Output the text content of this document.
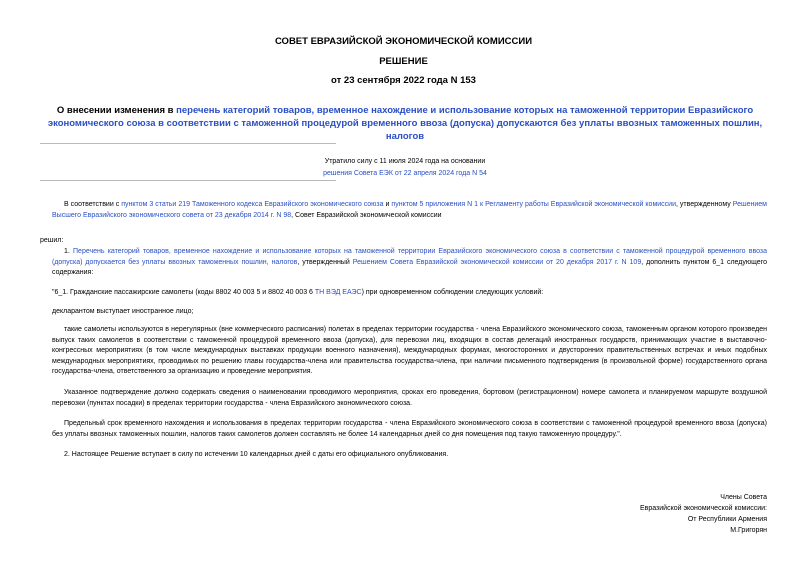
СОВЕТ ЕВРАЗИЙСКОЙ ЭКОНОМИЧЕСКОЙ КОМИССИИ
РЕШЕНИЕ
от 23 сентября 2022 года N 153
О внесении изменения в перечень категорий товаров, временное нахождение и использование которых на таможенной территории Евразийского экономического союза в соответствии с таможенной процедурой временного ввоза (допуска) допускаются без уплаты ввозных таможенных пошлин, налогов
Утратило силу с 11 июля 2024 года на основании
решения Совета ЕЭК от 22 апреля 2024 года N 54
В соответствии с пунктом 3 статьи 219 Таможенного кодекса Евразийского экономического союза и пунктом 5 приложения N 1 к Регламенту работы Евразийской экономической комиссии, утвержденному Решением Высшего Евразийского экономического совета от 23 декабря 2014 г. N 98, Совет Евразийской экономической комиссии
решил:
1. Перечень категорий товаров, временное нахождение и использование которых на таможенной территории Евразийского экономического союза в соответствии с таможенной процедурой временного ввоза (допуска) допускается без уплаты ввозных таможенных пошлин, налогов, утвержденный Решением Совета Евразийской экономической комиссии от 20 декабря 2017 г. N 109, дополнить пунктом 6_1 следующего содержания:
"6_1. Гражданские пассажирские самолеты (коды 8802 40 003 5 и 8802 40 003 6 ТН ВЭД ЕАЭС) при одновременном соблюдении следующих условий:
декларантом выступает иностранное лицо;
такие самолеты используются в нерегулярных (вне коммерческого расписания) полетах в пределах территории государства - члена Евразийского экономического союза, таможенным органом которого произведен выпуск таких самолетов в соответствии с таможенной процедурой временного ввоза (допуска), для перевозки лиц, входящих в состав делегаций иностранных государств, принимающих участие в выставочно-конгрессных мероприятиях (в том числе международных выставках продукции военного назначения), международных форумах, многосторонних и двусторонних правительственных встречах и иных подобных международных мероприятиях, проводимых по решению главы государства-члена или правительства государства-члена, при наличии письменного подтверждения (в произвольной форме) государственного органа государства-члена, ответственного за организацию и проведение мероприятия.
Указанное подтверждение должно содержать сведения о наименовании проводимого мероприятия, сроках его проведения, бортовом (регистрационном) номере самолета и планируемом маршруте воздушной перевозки (пунктах посадки) в пределах территории государства - члена Евразийского экономического союза.
Предельный срок временного нахождения и использования в пределах территории государства - члена Евразийского экономического союза в соответствии с таможенной процедурой временного ввоза (допуска) без уплаты ввозных таможенных пошлин, налогов таких самолетов должен составлять не более 14 календарных дней со дня помещения под такую таможенную процедуру.".
2. Настоящее Решение вступает в силу по истечении 10 календарных дней с даты его официального опубликования.
Члены Совета
Евразийской экономической комиссии:
От Республики Армения
М.Григорян
